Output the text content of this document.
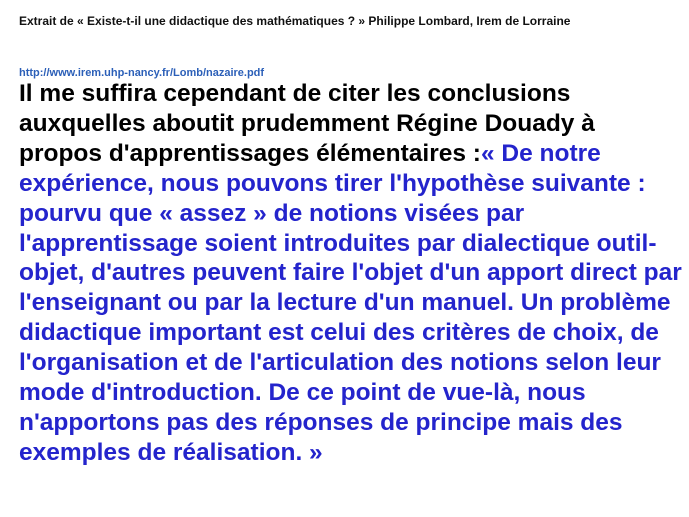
Extrait de « Existe-t-il une didactique des mathématiques ? » Philippe Lombard, Irem de Lorraine
http://www.irem.uhp-nancy.fr/Lomb/nazaire.pdf
Il me suffira cependant de citer les conclusions auxquelles aboutit prudemment Régine Douady à propos d'apprentissages élémentaires :« De notre expérience, nous pouvons tirer l'hypothèse suivante : pourvu que « assez » de notions visées par l'apprentissage soient introduites par dialectique outil-objet, d'autres peuvent faire l'objet d'un apport direct par l'enseignant ou par la lecture d'un manuel. Un problème didactique important est celui des critères de choix, de l'organisation et de l'articulation des notions selon leur mode d'introduction. De ce point de vue-là, nous n'apportons pas des réponses de principe mais des exemples de réalisation. »
